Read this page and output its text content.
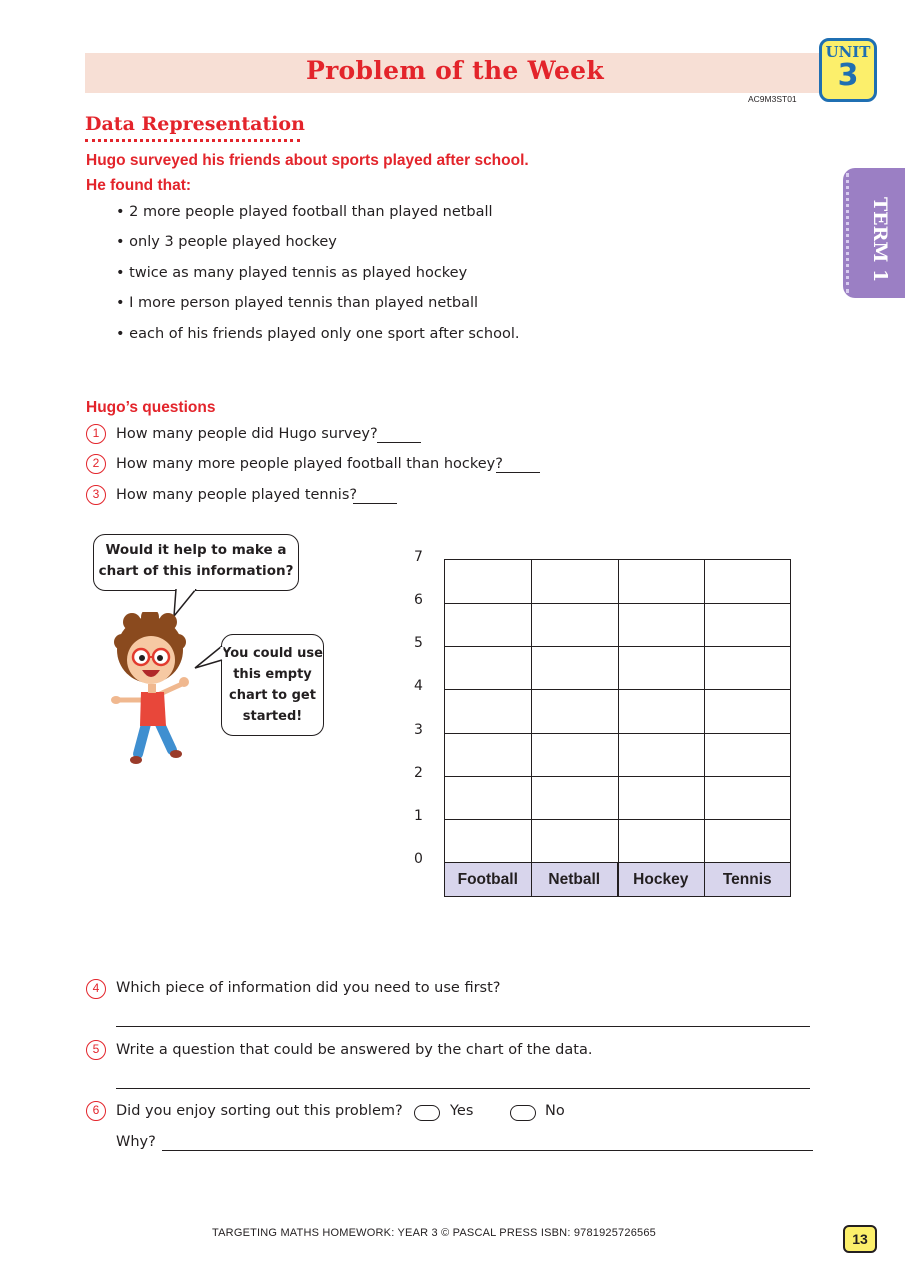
Problem of the Week
AC9M3ST01
UNIT
3
TERM 1
Data Representation
Hugo surveyed his friends about sports played after school.
He found that:
• 2 more people played football than played netball
• only 3 people played hockey
• twice as many played tennis as played hockey
• I more person played tennis than played netball
• each of his friends played only one sport after school.
Hugo’s questions
1	How many people did Hugo survey?
2	How many more people played football than hockey?
3	How many people played tennis?
Would it help to make a chart of this information?
You could use this empty chart to get started!
0
1
2
3
4
5
6
7
Football	Netball	Hockey	Tennis
4	Which piece of information did you need to use first?
5	Write a question that could be answered by the chart of the data.
6	Did you enjoy sorting out this problem?	Yes	No
Why?
TARGETING MATHS HOMEWORK: YEAR 3 © PASCAL PRESS ISBN: 9781925726565	13
